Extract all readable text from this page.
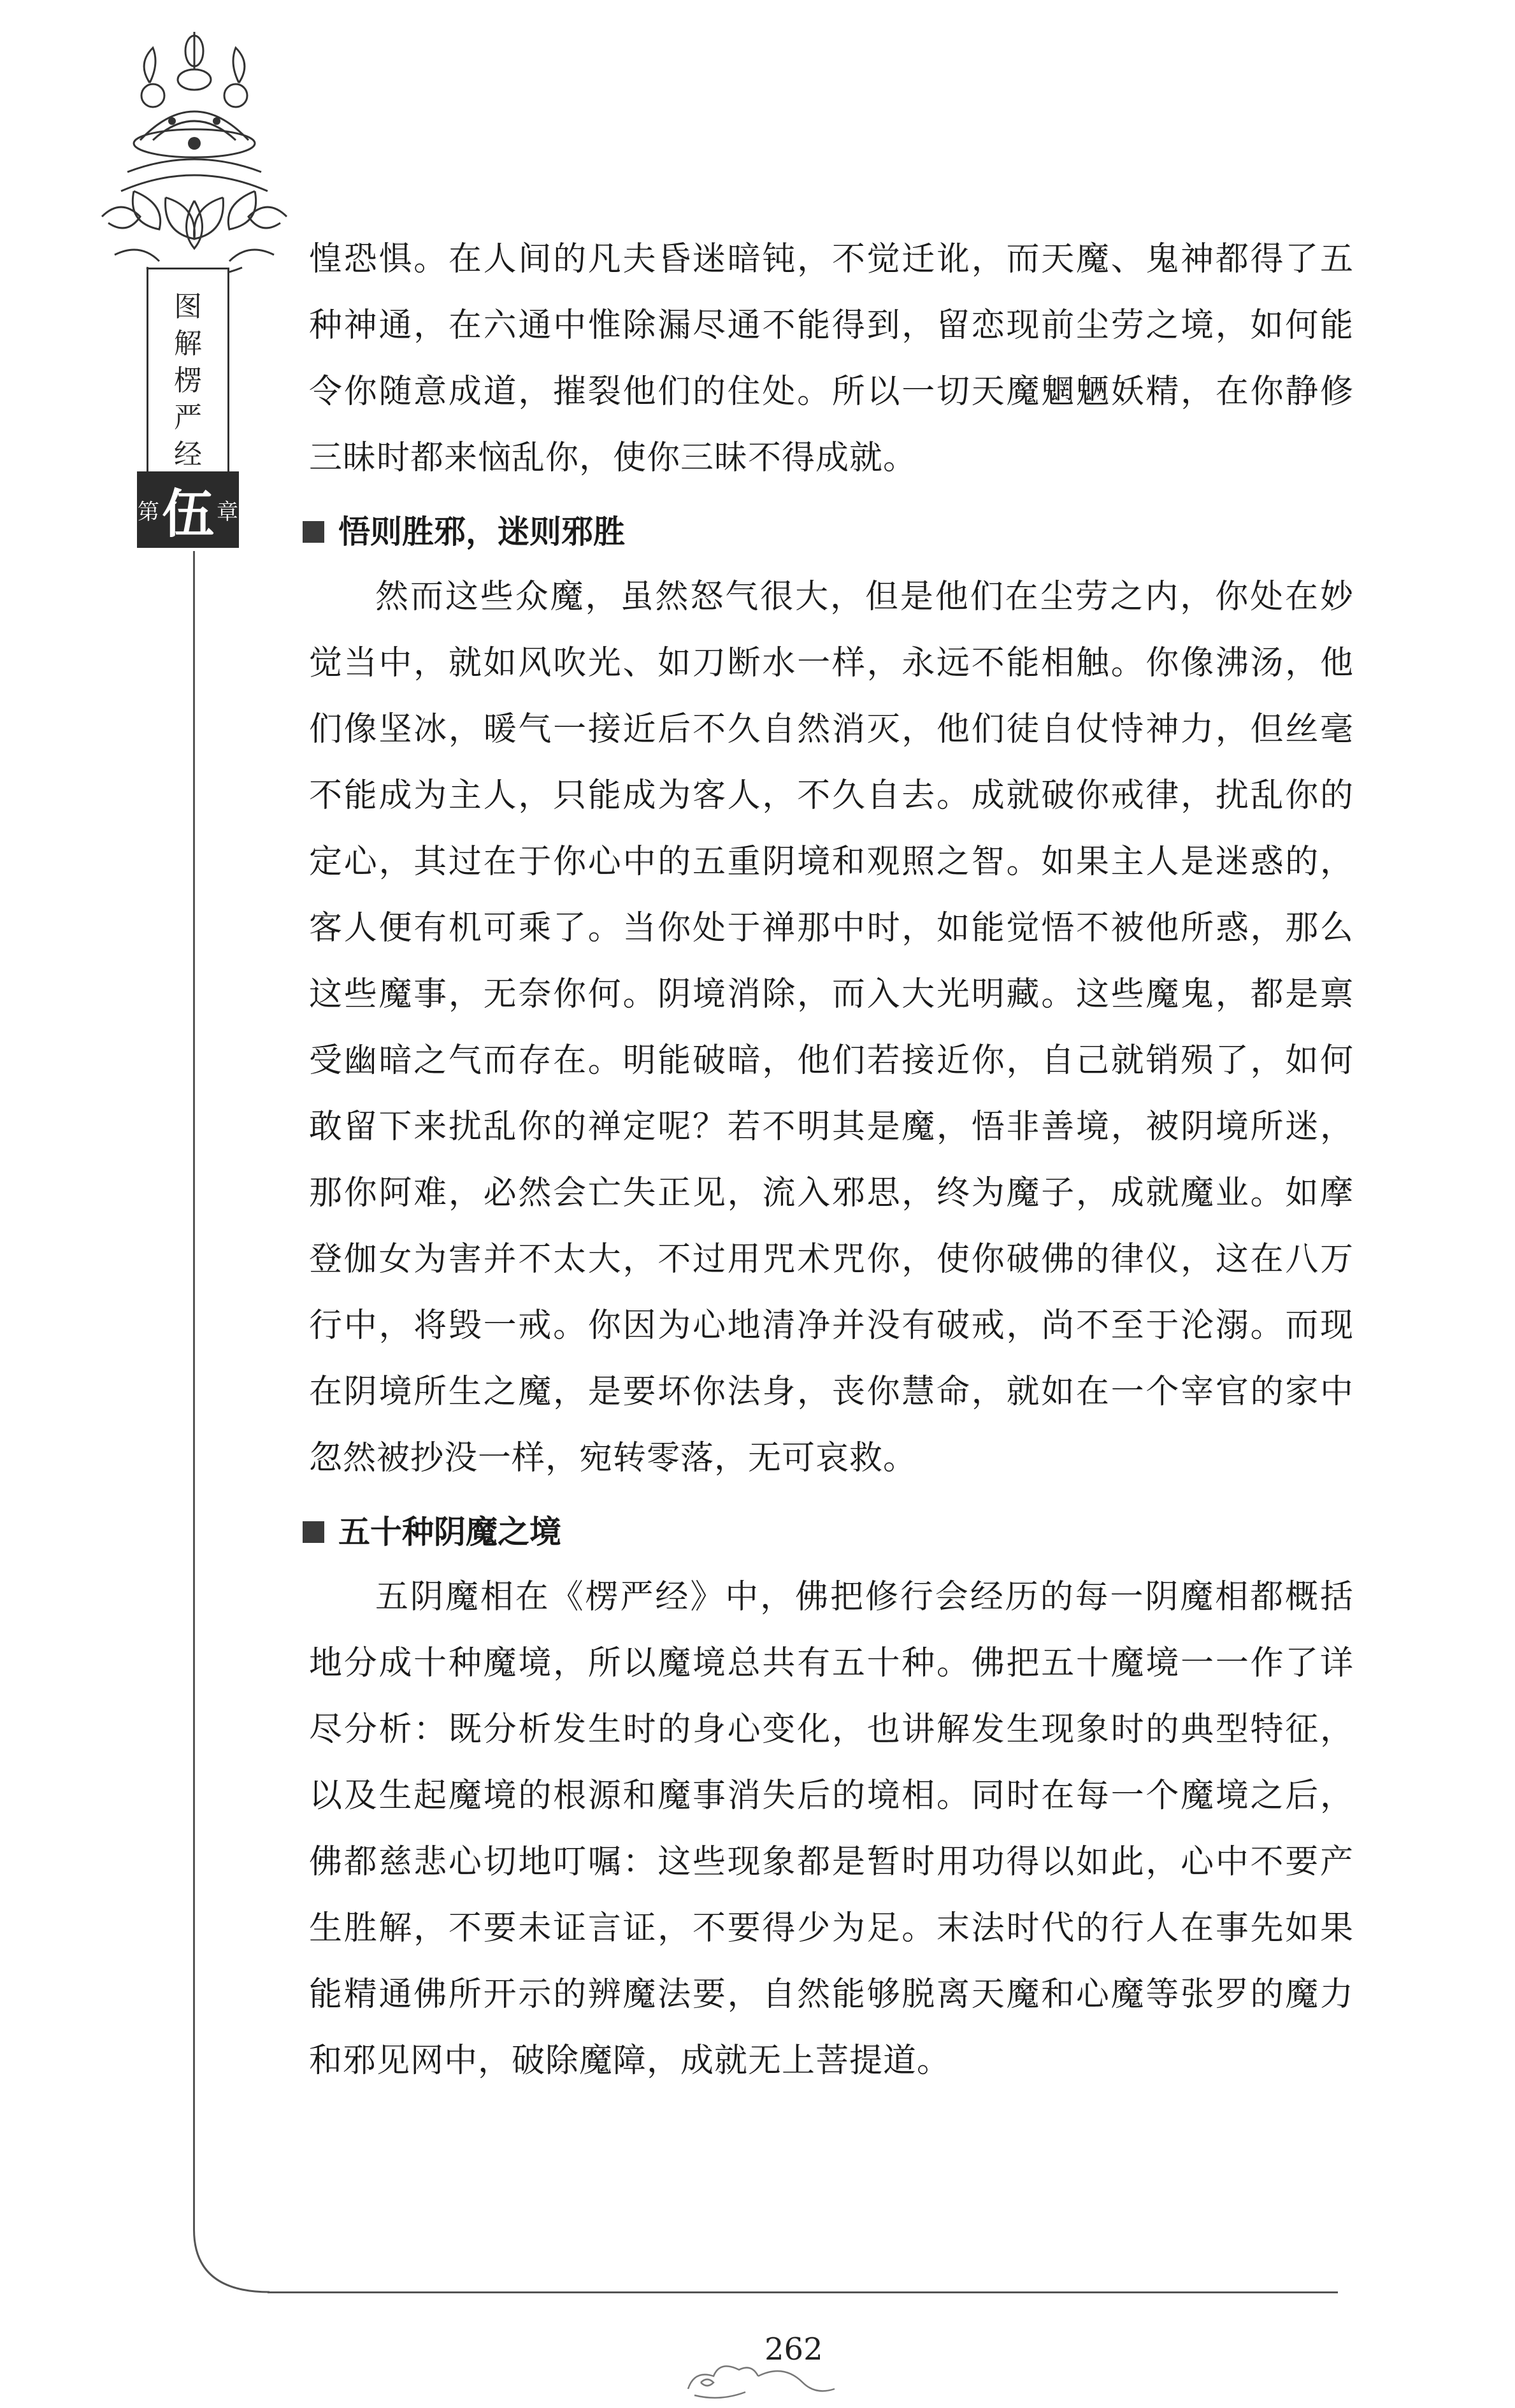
图
解
楞
严
经
第 伍 章

惶恐惧。在人间的凡夫昏迷暗钝，不觉迁讹，而天魔、鬼神都得了五种神通，在六通中惟除漏尽通不能得到，留恋现前尘劳之境，如何能令你随意成道，摧裂他们的住处。所以一切天魔魍魉妖精，在你静修三昧时都来恼乱你，使你三昧不得成就。

悟则胜邪，迷则邪胜

然而这些众魔，虽然怒气很大，但是他们在尘劳之内，你处在妙觉当中，就如风吹光、如刀断水一样，永远不能相触。你像沸汤，他们像坚冰，暖气一接近后不久自然消灭，他们徒自仗恃神力，但丝毫不能成为主人，只能成为客人，不久自去。成就破你戒律，扰乱你的定心，其过在于你心中的五重阴境和观照之智。如果主人是迷惑的，客人便有机可乘了。当你处于禅那中时，如能觉悟不被他所惑，那么这些魔事，无奈你何。阴境消除，而入大光明藏。这些魔鬼，都是禀受幽暗之气而存在。明能破暗，他们若接近你，自己就销殒了，如何敢留下来扰乱你的禅定呢？若不明其是魔，悟非善境，被阴境所迷，那你阿难，必然会亡失正见，流入邪思，终为魔子，成就魔业。如摩登伽女为害并不太大，不过用咒术咒你，使你破佛的律仪，这在八万行中，将毁一戒。你因为心地清净并没有破戒，尚不至于沦溺。而现在阴境所生之魔，是要坏你法身，丧你慧命，就如在一个宰官的家中忽然被抄没一样，宛转零落，无可哀救。

五十种阴魔之境

五阴魔相在《楞严经》中，佛把修行会经历的每一阴魔相都概括地分成十种魔境，所以魔境总共有五十种。佛把五十魔境一一作了详尽分析：既分析发生时的身心变化，也讲解发生现象时的典型特征，以及生起魔境的根源和魔事消失后的境相。同时在每一个魔境之后，佛都慈悲心切地叮嘱：这些现象都是暂时用功得以如此，心中不要产生胜解，不要未证言证，不要得少为足。末法时代的行人在事先如果能精通佛所开示的辨魔法要，自然能够脱离天魔和心魔等张罗的魔力和邪见网中，破除魔障，成就无上菩提道。

262
